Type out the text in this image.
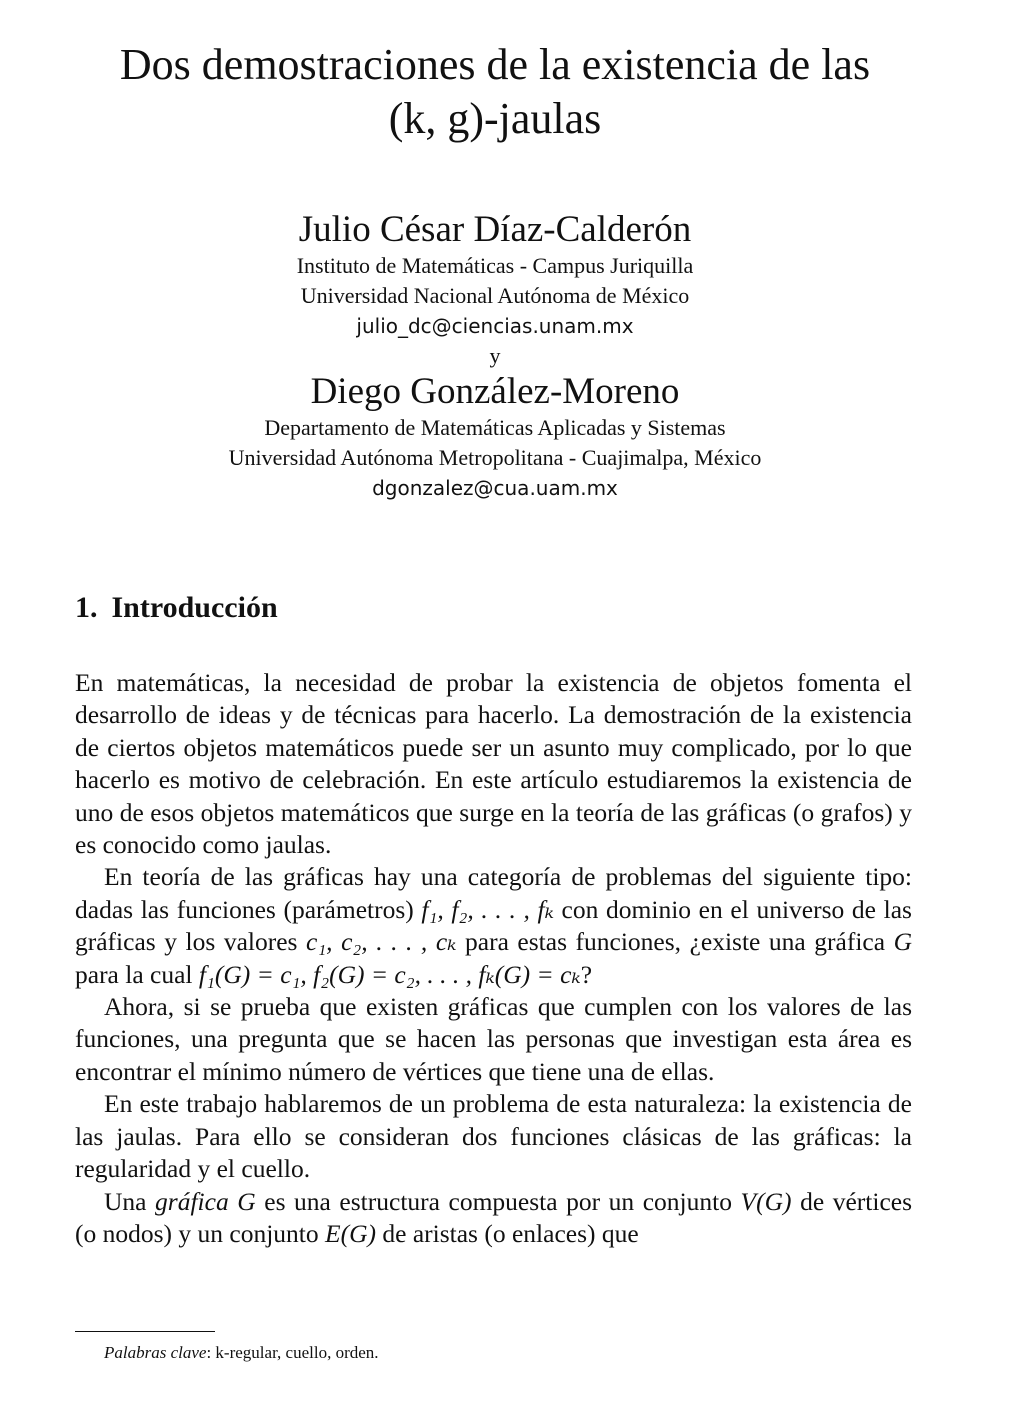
Dos demostraciones de la existencia de las
(k, g)-jaulas
Julio César Díaz-Calderón
Instituto de Matemáticas - Campus Juriquilla
Universidad Nacional Autónoma de México
julio_dc@ciencias.unam.mx
y
Diego González-Moreno
Departamento de Matemáticas Aplicadas y Sistemas
Universidad Autónoma Metropolitana - Cuajimalpa, México
dgonzalez@cua.uam.mx
1. Introducción

En matemáticas, la necesidad de probar la existencia de objetos fomenta el desarrollo de ideas y de técnicas para hacerlo. La demostración de la existencia de ciertos objetos matemáticos puede ser un asunto muy complicado, por lo que hacerlo es motivo de celebración. En este artículo estudiaremos la existencia de uno de esos objetos matemáticos que surge en la teoría de las gráficas (o grafos) y es conocido como jaulas.

En teoría de las gráficas hay una categoría de problemas del siguiente tipo: dadas las funciones (parámetros) f₁, f₂, . . . , fₖ con dominio en el universo de las gráficas y los valores c₁, c₂, . . . , cₖ para estas funciones, ¿existe una gráfica G para la cual f₁(G) = c₁, f₂(G) = c₂, . . . , fₖ(G) = cₖ?

Ahora, si se prueba que existen gráficas que cumplen con los valores de las funciones, una pregunta que se hacen las personas que investigan esta área es encontrar el mínimo número de vértices que tiene una de ellas.

En este trabajo hablaremos de un problema de esta naturaleza: la existencia de las jaulas. Para ello se consideran dos funciones clásicas de las gráficas: la regularidad y el cuello.

Una gráfica G es una estructura compuesta por un conjunto V(G) de vértices (o nodos) y un conjunto E(G) de aristas (o enlaces) que

Palabras clave: k-regular, cuello, orden.
